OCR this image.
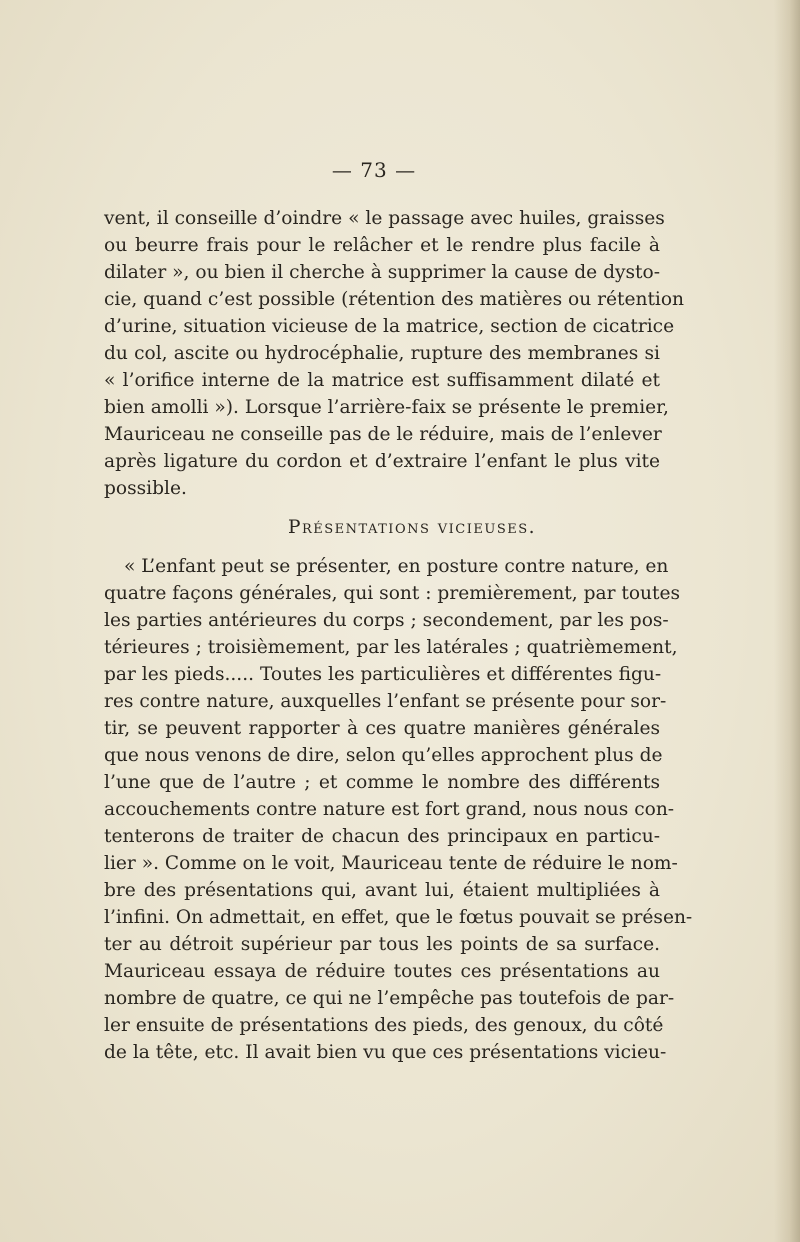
— 73 —

vent, il conseille d’oindre « le passage avec huiles, graisses
ou beurre frais pour le relâcher et le rendre plus facile à
dilater », ou bien il cherche à supprimer la cause de dysto-
cie, quand c’est possible (rétention des matières ou rétention
d’urine, situation vicieuse de la matrice, section de cicatrice
du col, ascite ou hydrocéphalie, rupture des membranes si
« l’orifice interne de la matrice est suffisamment dilaté et
bien amolli »). Lorsque l’arrière-faix se présente le premier,
Mauriceau ne conseille pas de le réduire, mais de l’enlever
après ligature du cordon et d’extraire l’enfant le plus vite
possible.

Présentations vicieuses.

« L’enfant peut se présenter, en posture contre nature, en
quatre façons générales, qui sont : premièrement, par toutes
les parties antérieures du corps ; secondement, par les pos-
térieures ; troisièmement, par les latérales ; quatrièmement,
par les pieds..... Toutes les particulières et différentes figu-
res contre nature, auxquelles l’enfant se présente pour sor-
tir, se peuvent rapporter à ces quatre manières générales
que nous venons de dire, selon qu’elles approchent plus de
l’une que de l’autre ; et comme le nombre des différents
accouchements contre nature est fort grand, nous nous con-
tenterons de traiter de chacun des principaux en particu-
lier ». Comme on le voit, Mauriceau tente de réduire le nom-
bre des présentations qui, avant lui, étaient multipliées à
l’infini. On admettait, en effet, que le fœtus pouvait se présen-
ter au détroit supérieur par tous les points de sa surface.
Mauriceau essaya de réduire toutes ces présentations au
nombre de quatre, ce qui ne l’empêche pas toutefois de par-
ler ensuite de présentations des pieds, des genoux, du côté
de la tête, etc. Il avait bien vu que ces présentations vicieu-
